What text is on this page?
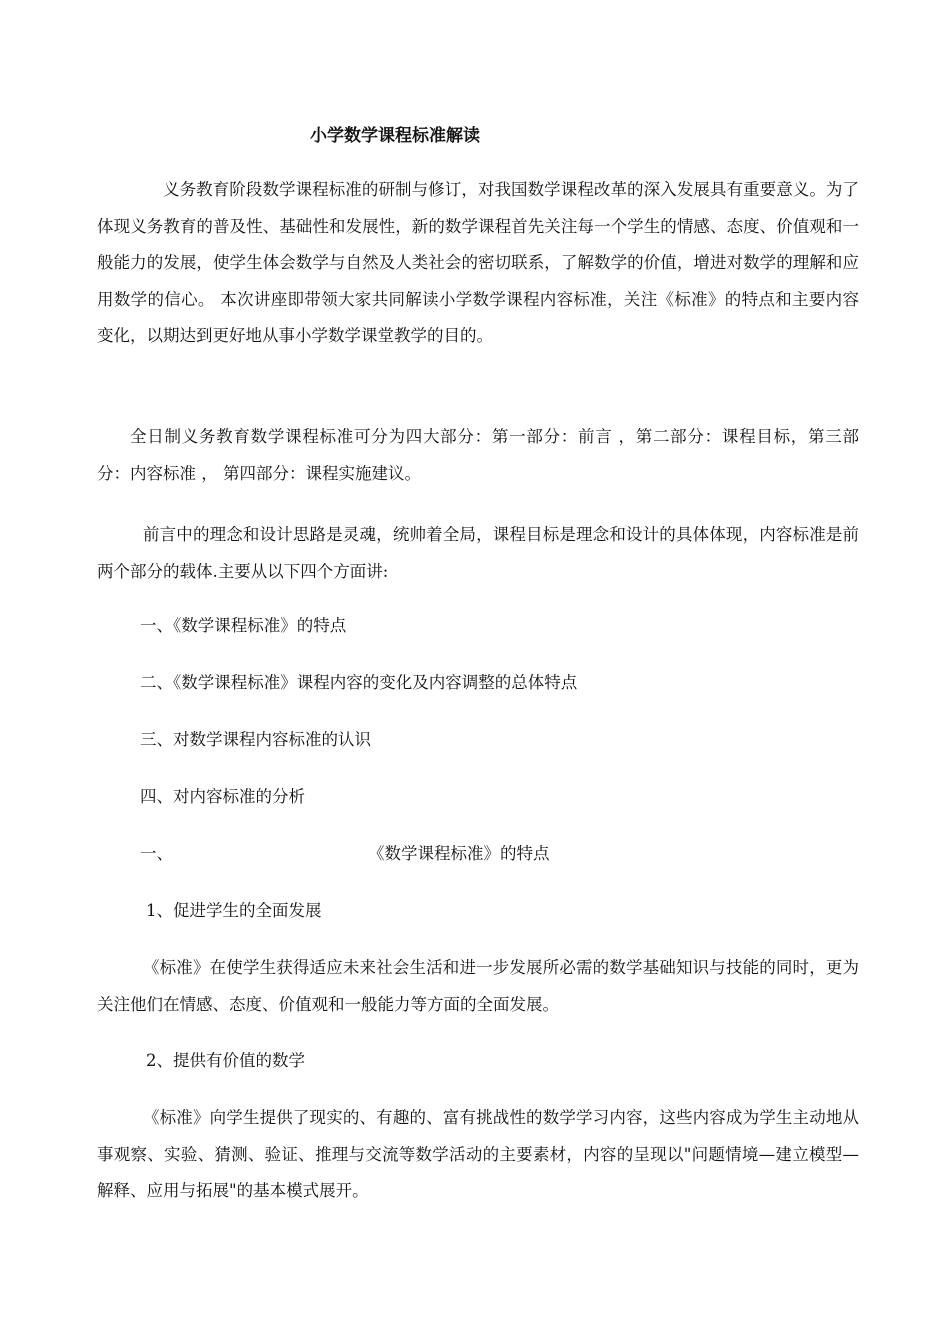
小学数学课程标准解读
义务教育阶段数学课程标准的研制与修订，对我国数学课程改革的深入发展具有重要意义。为了体现义务教育的普及性、基础性和发展性，新的数学课程首先关注每一个学生的情感、态度、价值观和一般能力的发展，使学生体会数学与自然及人类社会的密切联系，了解数学的价值，增进对数学的理解和应用数学的信心。 本次讲座即带领大家共同解读小学数学课程内容标准，关注《标准》的特点和主要内容变化，以期达到更好地从事小学数学课堂教学的目的。
全日制义务教育数学课程标准可分为四大部分：第一部分：前言 ，第二部分：课程目标，第三部分：内容标准 ， 第四部分：课程实施建议。
前言中的理念和设计思路是灵魂，统帅着全局，课程目标是理念和设计的具体体现，内容标准是前两个部分的载体.主要从以下四个方面讲:
一、《数学课程标准》的特点
二、《数学课程标准》课程内容的变化及内容调整的总体特点
三、对数学课程内容标准的认识
四、对内容标准的分析
一、	《数学课程标准》的特点
1、促进学生的全面发展
《标准》在使学生获得适应未来社会生活和进一步发展所必需的数学基础知识与技能的同时，更为关注他们在情感、态度、价值观和一般能力等方面的全面发展。
2、提供有价值的数学
《标准》向学生提供了现实的、有趣的、富有挑战性的数学学习内容，这些内容成为学生主动地从事观察、实验、猜测、验证、推理与交流等数学活动的主要素材，内容的呈现以"问题情境—建立模型—解释、应用与拓展"的基本模式展开。
